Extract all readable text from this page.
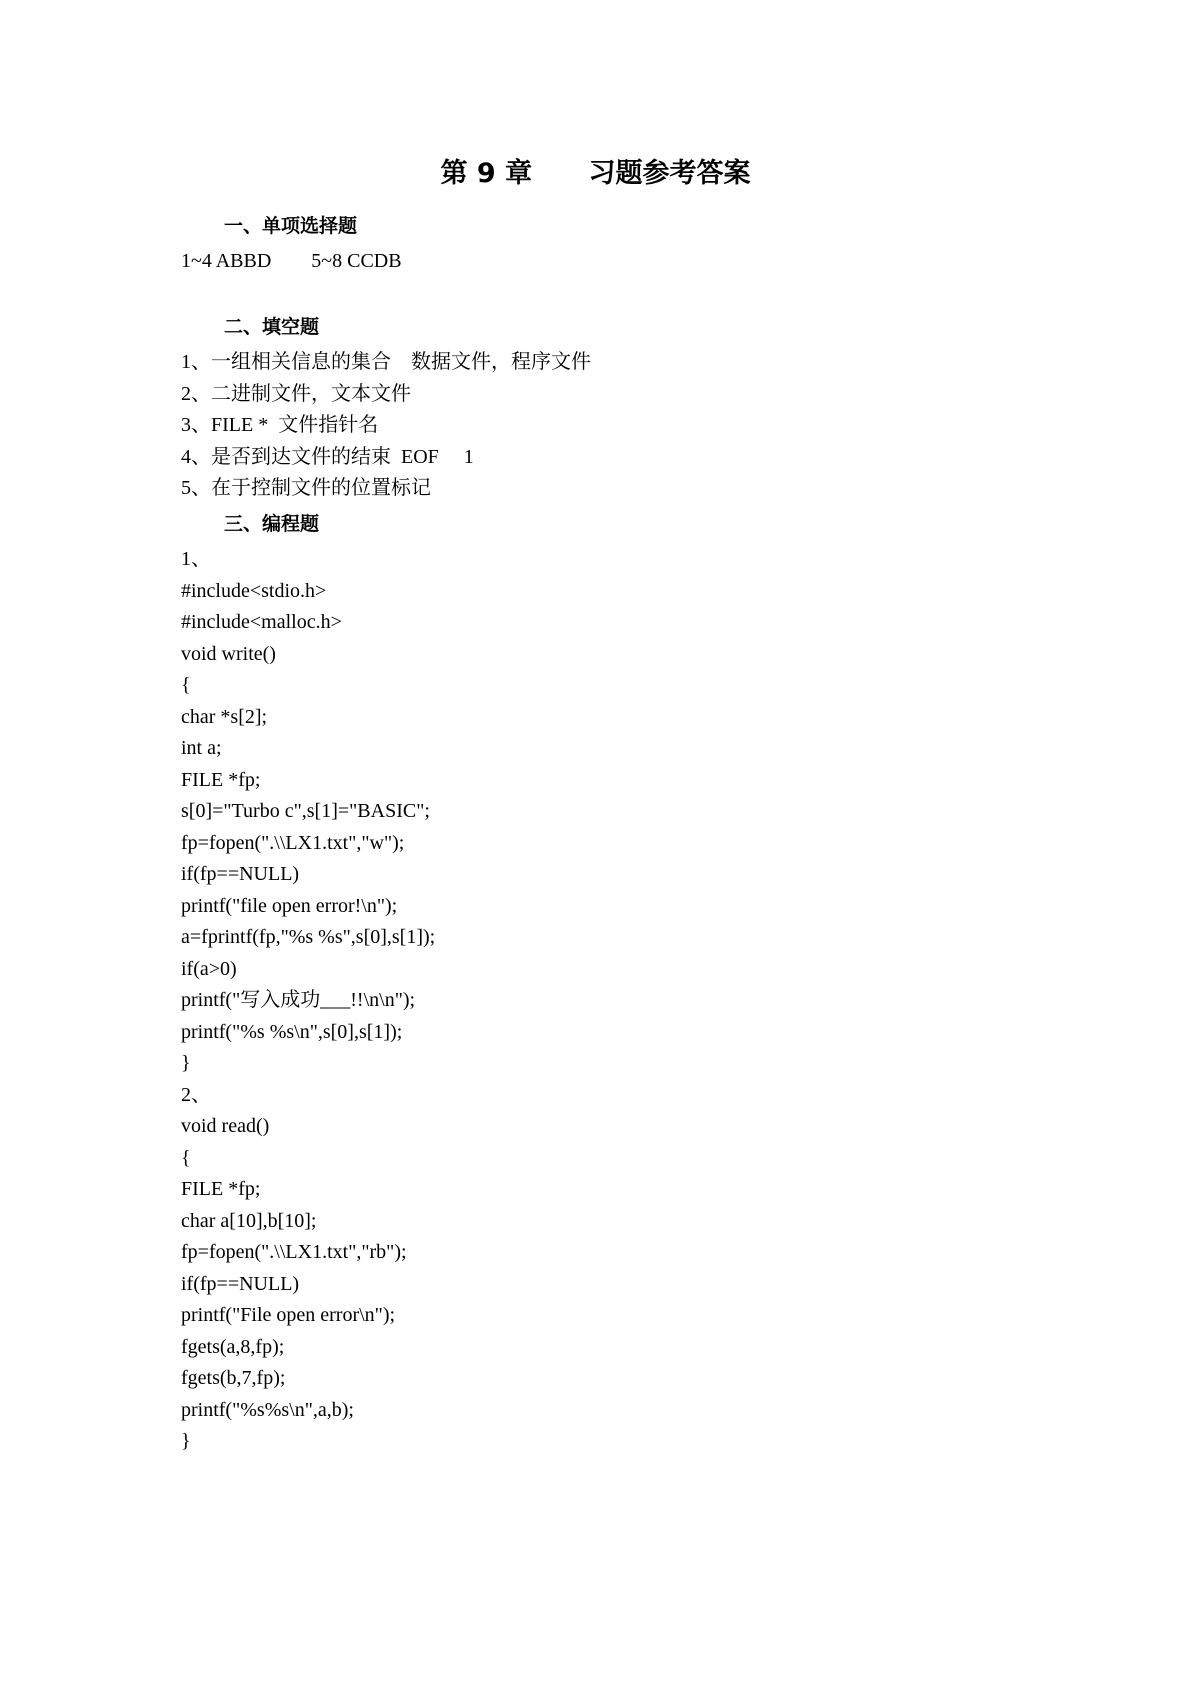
第 9 章      习题参考答案
一、单项选择题
1~4 ABBD        5~8 CCDB
二、填空题
1、一组相关信息的集合    数据文件，程序文件
2、二进制文件，文本文件
3、FILE *  文件指针名
4、是否到达文件的结束  EOF     1
5、在于控制文件的位置标记
三、编程题
1、
#include<stdio.h>
#include<malloc.h>
void write()
{
char *s[2];
int a;
FILE *fp;
s[0]="Turbo c",s[1]="BASIC";
fp=fopen(".\\LX1.txt","w");
if(fp==NULL)
printf("file open error!\n");
a=fprintf(fp,"%s %s",s[0],s[1]);
if(a>0)
printf("写入成功___!!\n\n");
printf("%s %s\n",s[0],s[1]);
}
2、
void read()
{
FILE *fp;
char a[10],b[10];
fp=fopen(".\\LX1.txt","rb");
if(fp==NULL)
printf("File open error\n");
fgets(a,8,fp);
fgets(b,7,fp);
printf("%s%s\n",a,b);
}
